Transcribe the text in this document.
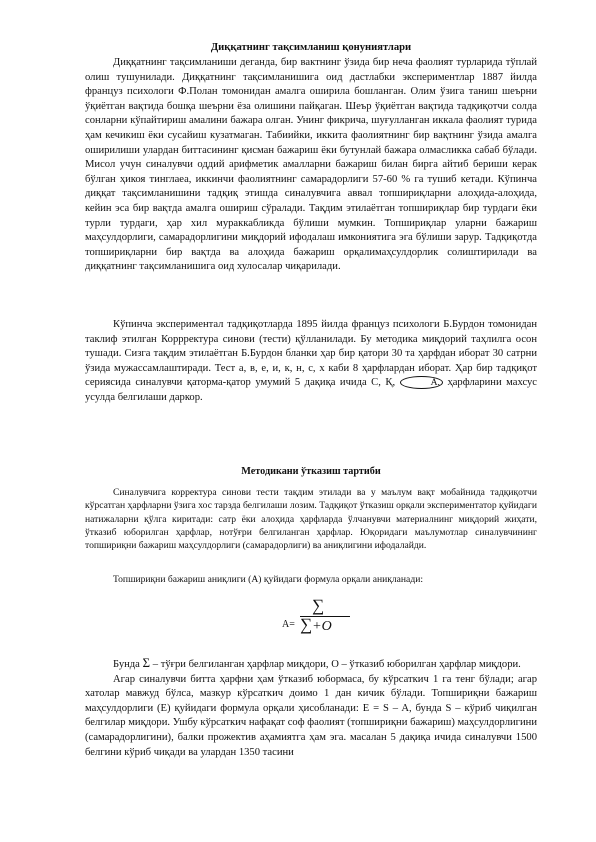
Диққатнинг тақсимланиш қонуниятлари
Диққатнинг тақсимланиши деганда, бир вактнинг ўзида бир неча фаолият турларида тўплай олиш тушунилади. Диққатнинг тақсимланишига оид дастлабки экспериментлар 1887 йилда француз психологи Ф.Полан томонидан амалга оширила бошланган. Олим ўзига таниш шеърни ўқиётган вақтида бошқа шеърни ёза олишини пайқаган. Шеър ўқиётган вақтида тадқиқотчи солда сонларни кўпайтириш амалини бажара олган. Унинг фикрича, шуғулланган иккала фаолият турида ҳам кечикиш ёки сусайиш кузатмаган. Табиийки, иккита фаолиятнинг бир вақтнинг ўзида амалга оширилиши улардан биттасининг қисман бажариш ёки бутунлай бажара олмасликка сабаб бўлади. Мисол учун синалувчи оддий арифметик амалларни бажариш билан бирга айтиб бериши керак бўлган ҳикоя тинглаеа, иккинчи фаолиятнинг самарадорлиги 57-60 % га тушиб кетади. Кўпинча диққат тақсимланишини тадқиқ этишда синалувчига аввал топшириқларни алоҳида-алоҳида, кейин эса бир вақтда амалга ошириш сўралади. Тақдим этилаётган топшириқлар бир турдаги ёки турли турдаги, ҳар хил мураккабликда бўлиши мумкин. Топшириқлар уларни бажариш маҳсулдорлиги, самарадорлигини миқдорий ифодалаш имкониятига эга бўлиши зарур. Тадқиқотда топшириқларни бир вақтда ва алоҳида бажариш орқалимаҳсулдорлик солиштирилади ва диққатнинг тақсимланишига оид хулосалар чиқарилади.
Кўпинча экспериментал тадқиқотларда 1895 йилда француз психологи Б.Бурдон томонидан таклиф этилган Коррректура синови (тести) қўлланилади. Бу методика миқдорий таҳлилга осон тушади. Сизга тақдим этилаётган Б.Бурдон бланки ҳар бир қатори 30 та ҳарфдан иборат 30 сатрни ўзида мужассамлаштиради. Тест а, в, е, и, к, н, с, х каби 8 ҳарфлардан иборат. Ҳар бир тадқиқот сериясида синалувчи қаторма-қатор умумий 5 дақиқа ичида С, Қ,	А, ҳарфларини махсус усулда белгилаши даркор.
Методикани ўтказиш тартиби
Синалувчига корректура синови тести тақдим этилади ва у маълум вақт мобайнида тадқиқотчи кўрсатган ҳарфларни ўзига хос тарзда белгилаши лозим. Тадқиқот ўтказиш орқали экспериментатор қуйидаги натижаларни қўлга киритади: сатр ёки алоҳида ҳарфларда ўлчанувчи материалнинг миқдорий жиҳати, ўтказиб юборилган ҳарфлар, нотўғри белгиланган ҳарфлар. Юқоридаги маълумотлар синалувчининг топшириқни бажариш маҳсулдорлиги (самарадорлиги) ва аниқлигини ифодалайди.
Топшириқни бажариш аниқлиги (А) қуйидаги формула орқали аниқланади:
A=
∑
∑+O
Бунда Σ – тўғри белгиланган ҳарфлар миқдори, О – ўтказиб юборилган ҳарфлар миқдори.
Агар синалувчи битта ҳарфни ҳам ўтказиб юбормаса, бу кўрсаткич 1 га тенг бўлади; агар хатолар мавжуд бўлса, мазкур кўрсаткич доимо 1 дан кичик бўлади. Топшириқни бажариш маҳсулдорлиги (Е) қуйидаги формула орқали ҳисобланади: E = S – A, бунда S – кўриб чиқилган белгилар миқдори. Ушбу кўрсаткич нафақат соф фаолият (топшириқни бажариш) маҳсулдорлигини (самарадорлигини), балки прожектив аҳамиятга ҳам эга. масалан 5 дақиқа ичида синалувчи 1500 белгини кўриб чиқади ва улардан 1350 тасини
